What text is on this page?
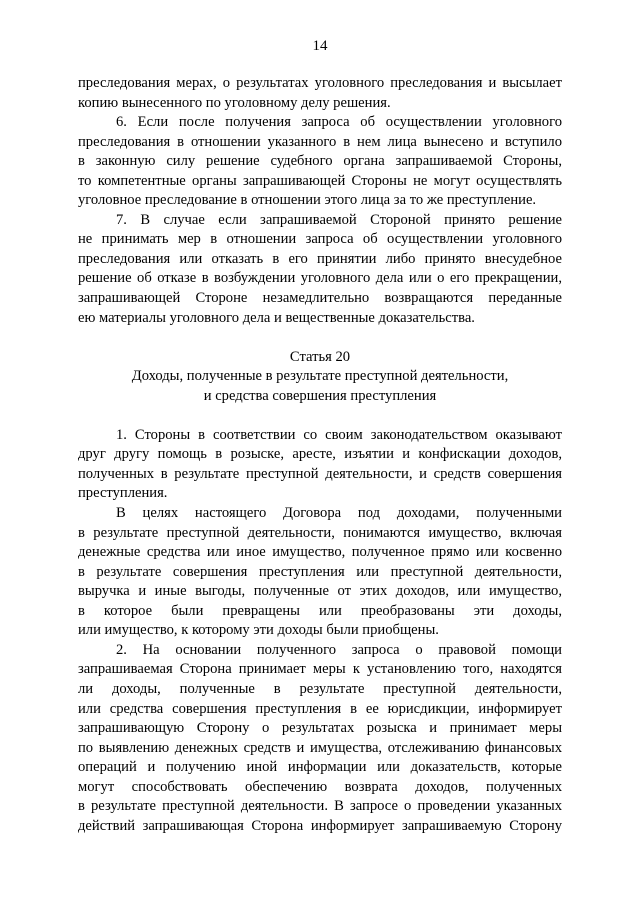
14
преследования мерах, о результатах уголовного преследования и высылает
копию вынесенного по уголовному делу решения.
6. Если после получения запроса об осуществлении уголовного
преследования в отношении указанного в нем лица вынесено и вступило
в законную силу решение судебного органа запрашиваемой Стороны,
то компетентные органы запрашивающей Стороны не могут осуществлять
уголовное преследование в отношении этого лица за то же преступление.
7. В случае если запрашиваемой Стороной принято решение
не принимать мер в отношении запроса об осуществлении уголовного
преследования или отказать в его принятии либо принято внесудебное
решение об отказе в возбуждении уголовного дела или о его прекращении,
запрашивающей Стороне незамедлительно возвращаются переданные
ею материалы уголовного дела и вещественные доказательства.
Статья 20
Доходы, полученные в результате преступной деятельности,
и средства совершения преступления
1. Стороны в соответствии со своим законодательством оказывают
друг другу помощь в розыске, аресте, изъятии и конфискации доходов,
полученных в результате преступной деятельности, и средств совершения
преступления.
В целях настоящего Договора под доходами, полученными
в результате преступной деятельности, понимаются имущество, включая
денежные средства или иное имущество, полученное прямо или косвенно
в результате совершения преступления или преступной деятельности,
выручка и иные выгоды, полученные от этих доходов, или имущество,
в которое были превращены или преобразованы эти доходы,
или имущество, к которому эти доходы были приобщены.
2. На основании полученного запроса о правовой помощи
запрашиваемая Сторона принимает меры к установлению того, находятся
ли доходы, полученные в результате преступной деятельности,
или средства совершения преступления в ее юрисдикции, информирует
запрашивающую Сторону о результатах розыска и принимает меры
по выявлению денежных средств и имущества, отслеживанию финансовых
операций и получению иной информации или доказательств, которые
могут способствовать обеспечению возврата доходов, полученных
в результате преступной деятельности. В запросе о проведении указанных
действий запрашивающая Сторона информирует запрашиваемую Сторону
